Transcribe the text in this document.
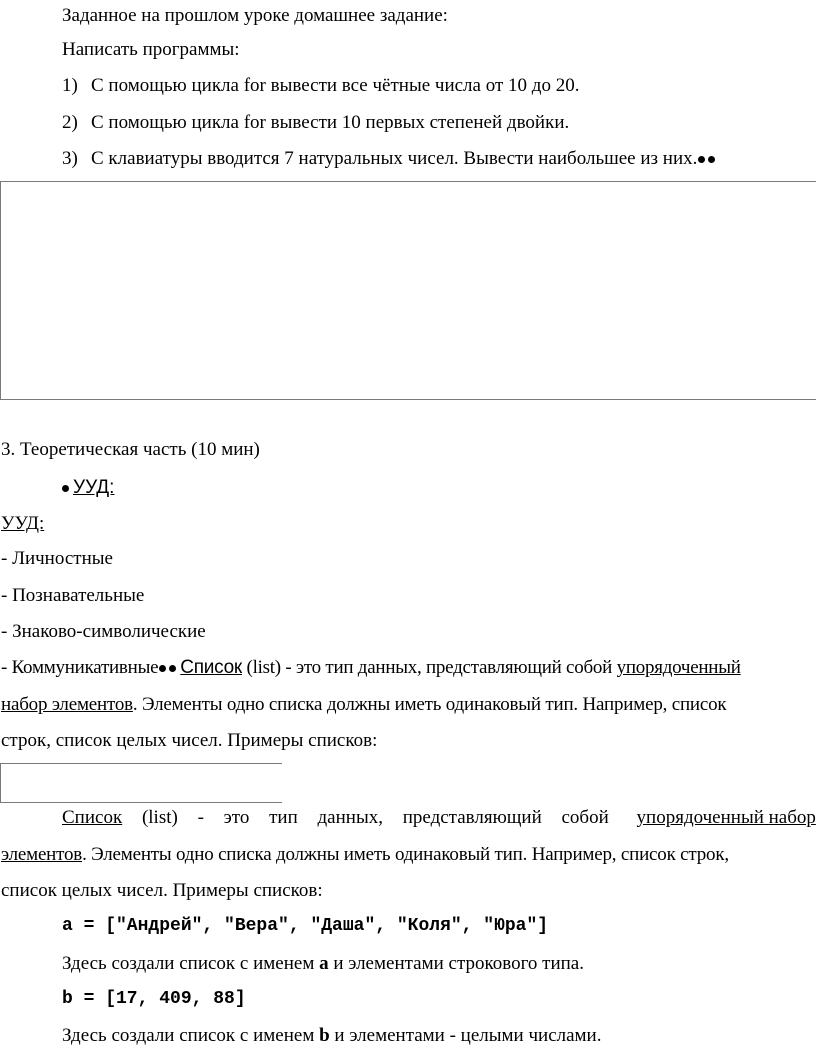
Заданное на прошлом уроке домашнее задание:
Написать программы:
1) С помощью цикла for вывести все чётные числа от 10 до 20.
2) С помощью цикла for вывести 10 первых степеней двойки.
3) С клавиатуры вводится 7 натуральных чисел. Вывести наибольшее из них.
3. Теоретическая часть (10 мин)
УУД:
УУД:
- Личностные
- Познавательные
- Знаково-символические
- Коммуникативные Список (list) - это тип данных, представляющий собой упорядоченный
набор элементов. Элементы одно списка должны иметь одинаковый тип. Например, список
строк, список целых чисел. Примеры списков:
Список (list) - это тип данных, представляющий собой упорядоченный набор
элементов. Элементы одно списка должны иметь одинаковый тип. Например, список строк,
список целых чисел. Примеры списков:
a = ["Андрей", "Вера", "Даша", "Коля", "Юра"]
Здесь создали список с именем a и элементами строкового типа.
b = [17, 409, 88]
Здесь создали список с именем b и элементами - целыми числами.
